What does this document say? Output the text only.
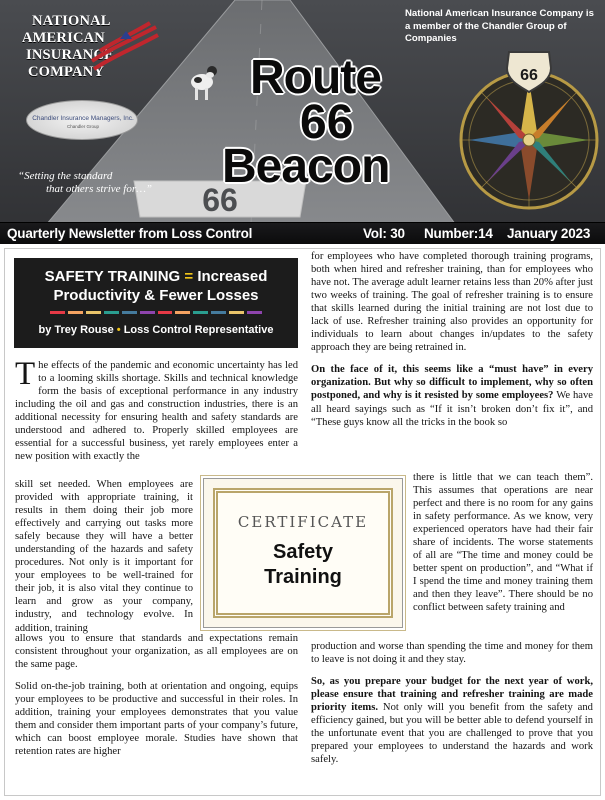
66
NATIONAL
AMERICAN
INSURANCE
COMPANY
Chandler Insurance Managers, Inc.
Chandler Group
“Setting the standard
that others strive for…”
National American Insurance Company is a member of the Chandler Group of Companies
Route
66
Beacon
66
Quarterly Newsletter from Loss Control	Vol: 30 Number:14 January 2023
SAFETY TRAINING = Increased
Productivity & Fewer Losses
by Trey Rouse • Loss Control Representative

The effects of the pandemic and economic uncertainty has led to a looming skills shortage. Skills and technical knowledge form the basis of exceptional performance in any industry including the oil and gas and construction industries, there is an additional necessity for ensuring health and safety standards are understood and adhered to. Properly skilled employees are essential for a successful business, yet rarely employees enter a new position with exactly the

skill set needed. When employees are provided with appropriate training, it results in them doing their job more effectively and carrying out tasks more safely because they will have a better understanding of the hazards and safety procedures. Not only is it important for your employees to be well-trained for their job, it is also vital they continue to learn and grow as your company, industry, and technology evolve. In addition, training

allows you to ensure that standards and expectations remain consistent throughout your organization, as all employees are on the same page.

Solid on-the-job training, both at orientation and ongoing, equips your employees to be productive and successful in their roles. In addition, training your employees demonstrates that you value them and consider them important parts of your company’s future, which can boost employee morale. Studies have shown that retention rates are higher

CERTIFICATE
Safety
Training

for employees who have completed thorough training programs, both when hired and refresher training, than for employees who have not. The average adult learner retains less than 20% after just two weeks of training. The goal of refresher training is to ensure that skills learned during the initial training are not lost due to lack of use. Refresher training also provides an opportunity for individuals to learn about changes in/updates to the safety approach they are being retrained in.

On the face of it, this seems like a “must have” in every organization. But why so difficult to implement, why so often postponed, and why is it resisted by some employees? We have all heard sayings such as “If it isn’t broken don’t fix it”, and “These guys know all the tricks in the book so

there is little that we can teach them”. This assumes that operations are near perfect and there is no room for any gains in safety performance. As we know, very experienced operators have had their fair share of incidents. The worse statements of all are “The time and money could be better spent on production”, and “What if I spend the time and money training them and then they leave”. There should be no conflict between safety training and

production and worse than spending the time and money for them to leave is not doing it and they stay.

So, as you prepare your budget for the next year of work, please ensure that training and refresher training are made priority items. Not only will you benefit from the safety and efficiency gained, but you will be better able to defend yourself in the unfortunate event that you are challenged to prove that you prepared your employees to understand the hazards and work safely.
